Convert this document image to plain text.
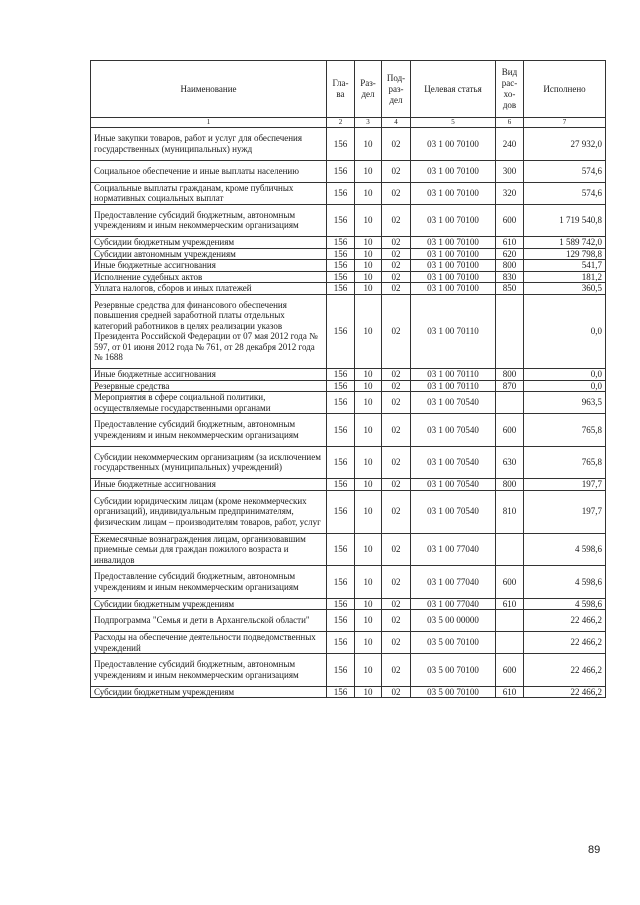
Наименование	Гла-ва	Раз-дел	Под-раз-дел	Целевая статья	Вид рас-хо-дов	Исполнено
1	2	3	4	5	6	7
Иные закупки товаров, работ и услуг для обеспечения государственных (муниципальных) нужд	156	10	02	03 1 00 70100	240	27 932,0
Социальное обеспечение и иные выплаты населению	156	10	02	03 1 00 70100	300	574,6
Социальные выплаты гражданам, кроме публичных нормативных социальных выплат	156	10	02	03 1 00 70100	320	574,6
Предоставление субсидий бюджетным, автономным учреждениям и иным некоммерческим организациям	156	10	02	03 1 00 70100	600	1 719 540,8
Субсидии бюджетным учреждениям	156	10	02	03 1 00 70100	610	1 589 742,0
Субсидии автономным учреждениям	156	10	02	03 1 00 70100	620	129 798,8
Иные бюджетные ассигнования	156	10	02	03 1 00 70100	800	541,7
Исполнение судебных актов	156	10	02	03 1 00 70100	830	181,2
Уплата налогов, сборов и иных платежей	156	10	02	03 1 00 70100	850	360,5
Резервные средства для финансового обеспечения повышения средней заработной платы отдельных категорий работников в целях реализации указов Президента Российской Федерации от 07 мая 2012 года № 597, от 01 июня 2012 года № 761, от 28 декабря 2012 года № 1688	156	10	02	03 1 00 70110		0,0
Иные бюджетные ассигнования	156	10	02	03 1 00 70110	800	0,0
Резервные средства	156	10	02	03 1 00 70110	870	0,0
Мероприятия в сфере социальной политики, осуществляемые государственными органами	156	10	02	03 1 00 70540		963,5
Предоставление субсидий бюджетным, автономным учреждениям и иным некоммерческим организациям	156	10	02	03 1 00 70540	600	765,8
Субсидии некоммерческим организациям (за исключением государственных (муниципальных) учреждений)	156	10	02	03 1 00 70540	630	765,8
Иные бюджетные ассигнования	156	10	02	03 1 00 70540	800	197,7
Субсидии юридическим лицам (кроме некоммерческих организаций), индивидуальным предпринимателям, физическим лицам – производителям товаров, работ, услуг	156	10	02	03 1 00 70540	810	197,7
Ежемесячные вознаграждения лицам, организовавшим приемные семьи для граждан пожилого возраста и инвалидов	156	10	02	03 1 00 77040		4 598,6
Предоставление субсидий бюджетным, автономным учреждениям и иным некоммерческим организациям	156	10	02	03 1 00 77040	600	4 598,6
Субсидии бюджетным учреждениям	156	10	02	03 1 00 77040	610	4 598,6
Подпрограмма "Семья и дети в Архангельской области"	156	10	02	03 5 00 00000		22 466,2
Расходы на обеспечение деятельности подведомственных учреждений	156	10	02	03 5 00 70100		22 466,2
Предоставление субсидий бюджетным, автономным учреждениям и иным некоммерческим организациям	156	10	02	03 5 00 70100	600	22 466,2
Субсидии бюджетным учреждениям	156	10	02	03 5 00 70100	610	22 466,2
89
